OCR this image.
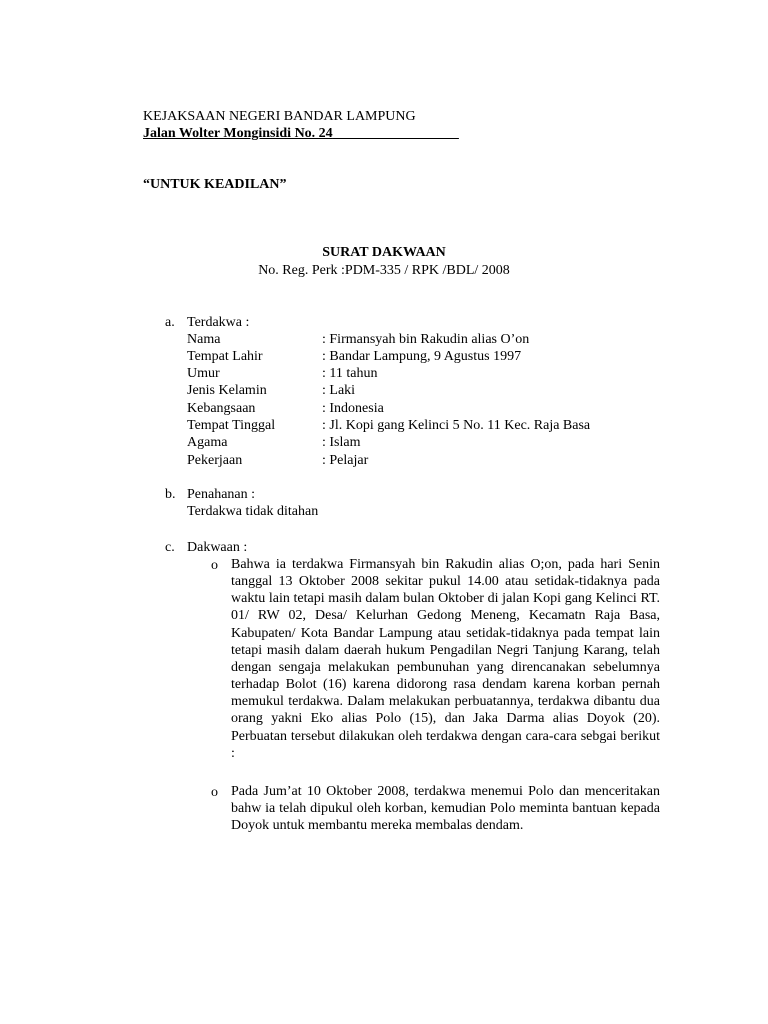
KEJAKSAAN NEGERI BANDAR LAMPUNG
Jalan Wolter Monginsidi No. 24__________________
“UNTUK KEADILAN”
SURAT DAKWAAN
No. Reg. Perk :PDM-335 / RPK /BDL/ 2008
a. Terdakwa :
Nama	: Firmansyah bin Rakudin alias O’on
Tempat Lahir	: Bandar Lampung, 9 Agustus 1997
Umur	: 11 tahun
Jenis Kelamin	: Laki
Kebangsaan	: Indonesia
Tempat Tinggal	: Jl. Kopi gang Kelinci 5 No. 11 Kec. Raja Basa
Agama	: Islam
Pekerjaan	: Pelajar
b. Penahanan :
Terdakwa tidak ditahan
c. Dakwaan :
o Bahwa ia terdakwa Firmansyah bin Rakudin alias O;on, pada hari Senin tanggal 13 Oktober 2008 sekitar pukul 14.00 atau setidak-tidaknya pada waktu lain tetapi masih dalam bulan Oktober di jalan Kopi gang Kelinci RT. 01/ RW 02, Desa/ Kelurhan Gedong Meneng, Kecamatn Raja Basa, Kabupaten/ Kota Bandar Lampung atau setidak-tidaknya pada tempat lain tetapi masih dalam daerah hukum Pengadilan Negri Tanjung Karang, telah dengan sengaja melakukan pembunuhan yang direncanakan sebelumnya terhadap Bolot (16) karena didorong rasa dendam karena korban pernah memukul terdakwa. Dalam melakukan perbuatannya, terdakwa dibantu dua orang yakni Eko alias Polo (15), dan Jaka Darma alias Doyok (20). Perbuatan tersebut dilakukan oleh terdakwa dengan cara-cara sebgai berikut :
o Pada Jum’at 10 Oktober 2008, terdakwa menemui Polo dan menceritakan bahw ia telah dipukul oleh korban, kemudian Polo meminta bantuan kepada Doyok untuk membantu mereka membalas dendam.
